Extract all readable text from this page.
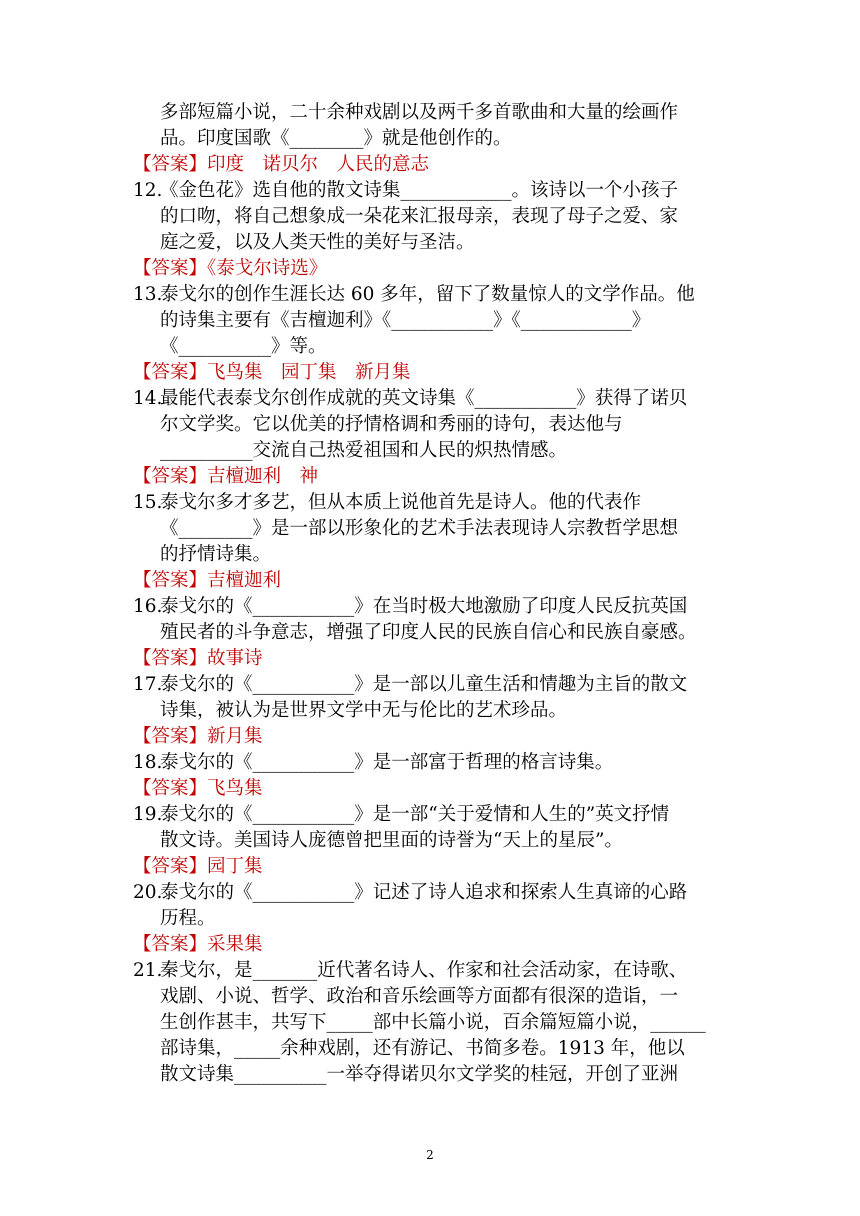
多部短篇小说，二十余种戏剧以及两千多首歌曲和大量的绘画作
品。印度国歌《________》就是他创作的。
【答案】印度　诺贝尔　人民的意志
12.
《金色花》选自他的散文诗集____________。该诗以一个小孩子
的口吻，将自己想象成一朵花来汇报母亲，表现了母子之爱、家
庭之爱，以及人类天性的美好与圣洁。
【答案】《泰戈尔诗选》
13.
泰戈尔的创作生涯长达 60 多年，留下了数量惊人的文学作品。他
的诗集主要有《吉檀迦利》《___________》《____________》
《__________》等。
【答案】飞鸟集　园丁集　新月集
14.
最能代表泰戈尔创作成就的英文诗集《___________》获得了诺贝
尔文学奖。它以优美的抒情格调和秀丽的诗句，表达他与
__________交流自己热爱祖国和人民的炽热情感。
【答案】吉檀迦利　神
15.
泰戈尔多才多艺，但从本质上说他首先是诗人。他的代表作
《________》是一部以形象化的艺术手法表现诗人宗教哲学思想
的抒情诗集。
【答案】吉檀迦利
16.
泰戈尔的《___________》在当时极大地激励了印度人民反抗英国
殖民者的斗争意志，增强了印度人民的民族自信心和民族自豪感。
【答案】故事诗
17.
泰戈尔的《___________》是一部以儿童生活和情趣为主旨的散文
诗集，被认为是世界文学中无与伦比的艺术珍品。
【答案】新月集
18.
泰戈尔的《___________》是一部富于哲理的格言诗集。
【答案】飞鸟集
19.
泰戈尔的《___________》是一部“关于爱情和人生的”英文抒情
散文诗。美国诗人庞德曾把里面的诗誉为“天上的星辰”。
【答案】园丁集
20.
泰戈尔的《___________》记述了诗人追求和探索人生真谛的心路
历程。
【答案】采果集
21.
秦戈尔，是_______近代著名诗人、作家和社会活动家，在诗歌、
戏剧、小说、哲学、政治和音乐绘画等方面都有很深的造诣，一
生创作甚丰，共写下_____部中长篇小说，百余篇短篇小说，______
部诗集，_____余种戏剧，还有游记、书简多卷。1913 年，他以
散文诗集__________一举夺得诺贝尔文学奖的桂冠，开创了亚洲
2
